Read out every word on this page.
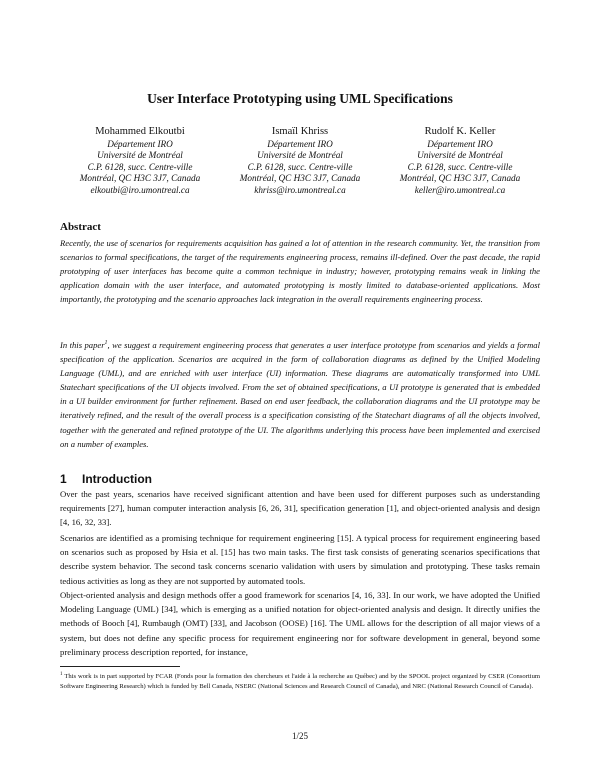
User Interface Prototyping using UML Specifications
Mohammed Elkoutbi
Département IRO
Université de Montréal
C.P. 6128, succ. Centre-ville
Montréal, QC H3C 3J7, Canada
elkoutbi@iro.umontreal.ca
Ismaïl Khriss
Département IRO
Université de Montréal
C.P. 6128, succ. Centre-ville
Montréal, QC H3C 3J7, Canada
khriss@iro.umontreal.ca
Rudolf K. Keller
Département IRO
Université de Montréal
C.P. 6128, succ. Centre-ville
Montréal, QC H3C 3J7, Canada
keller@iro.umontreal.ca
Abstract

Recently, the use of scenarios for requirements acquisition has gained a lot of attention in the research community. Yet, the transition from scenarios to formal specifications, the target of the requirements engineering process, remains ill-defined. Over the past decade, the rapid prototyping of user interfaces has become quite a common technique in industry; however, prototyping remains weak in linking the application domain with the user interface, and automated prototyping is mostly limited to database-oriented applications. Most importantly, the prototyping and the scenario approaches lack integration in the overall requirements engineering process.

In this paper$^1$, we suggest a requirement engineering process that generates a user interface prototype from scenarios and yields a formal specification of the application. Scenarios are acquired in the form of collaboration diagrams as defined by the Unified Modeling Language (UML), and are enriched with user interface (UI) information. These diagrams are automatically transformed into UML Statechart specifications of the UI objects involved. From the set of obtained specifications, a UI prototype is generated that is embedded in a UI builder environment for further refinement. Based on end user feedback, the collaboration diagrams and the UI prototype may be iteratively refined, and the result of the overall process is a specification consisting of the Statechart diagrams of all the objects involved, together with the generated and refined prototype of the UI. The algorithms underlying this process have been implemented and exercised on a number of examples.

1 Introduction

Over the past years, scenarios have received significant attention and have been used for different purposes such as understanding requirements [27], human computer interaction analysis [6, 26, 31], specification generation [1], and object-oriented analysis and design [4, 16, 32, 33].

Scenarios are identified as a promising technique for requirement engineering [15]. A typical process for requirement engineering based on scenarios such as proposed by Hsia et al. [15] has two main tasks. The first task consists of generating scenarios specifications that describe system behavior. The second task concerns scenario validation with users by simulation and prototyping. These tasks remain tedious activities as long as they are not supported by automated tools.

Object-oriented analysis and design methods offer a good framework for scenarios [4, 16, 33]. In our work, we have adopted the Unified Modeling Language (UML) [34], which is emerging as a unified notation for object-oriented analysis and design. It directly unifies the methods of Booch [4], Rumbaugh (OMT) [33], and Jacobson (OOSE) [16]. The UML allows for the description of all major views of a system, but does not define any specific process for requirement engineering nor for software development in general, beyond some preliminary process description reported, for instance,

$^1$ This work is in part supported by FCAR (Fonds pour la formation des chercheurs et l'aide à la recherche au Québec) and by the SPOOL project organized by CSER (Consortium Software Engineering Research) which is funded by Bell Canada, NSERC (National Sciences and Research Council of Canada), and NRC (National Research Council of Canada).

1/25
